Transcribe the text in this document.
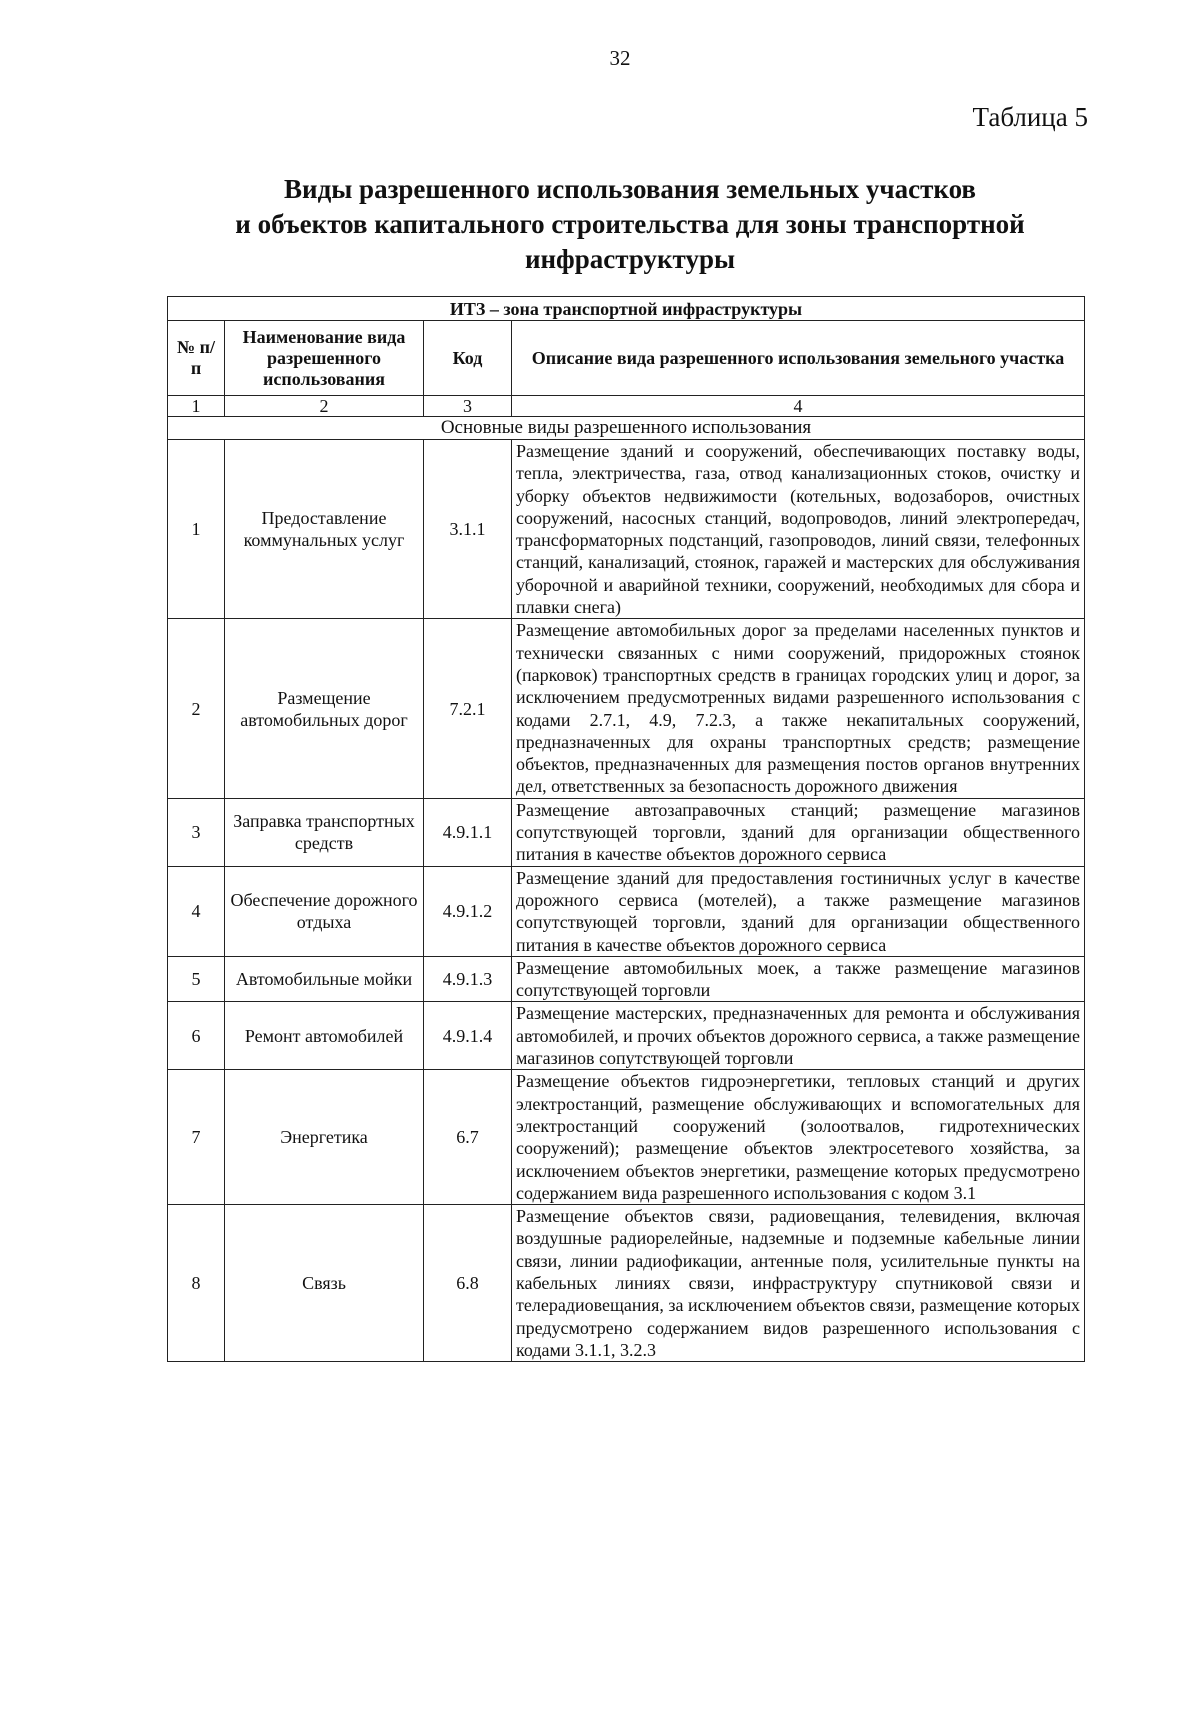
32
Таблица 5
Виды разрешенного использования земельных участков
и объектов капитального строительства для зоны транспортной
инфраструктуры
ИТЗ – зона транспортной инфраструктуры			
№ п/п	Наименование вида разрешенного использования	Код	Описание вида разрешенного использования земельного участка
1	2	3	4
Основные виды разрешенного использования			
1	Предоставление коммунальных услуг	3.1.1	Размещение зданий и сооружений, обеспечивающих поставку воды, тепла, электричества, газа, отвод канализационных стоков, очистку и уборку объектов недвижимости (котельных, водозаборов, очистных сооружений, насосных станций, водопроводов, линий электропередач, трансформаторных подстанций, газопроводов, линий связи, телефонных станций, канализаций, стоянок, гаражей и мастерских для обслуживания уборочной и аварийной техники, сооружений, необходимых для сбора и плавки снега)
2	Размещение автомобильных дорог	7.2.1	Размещение автомобильных дорог за пределами населенных пунктов и технически связанных с ними сооружений, придорожных стоянок (парковок) транспортных средств в границах городских улиц и дорог, за исключением предусмотренных видами разрешенного использования с кодами 2.7.1, 4.9, 7.2.3, а также некапитальных сооружений, предназначенных для охраны транспортных средств; размещение объектов, предназначенных для размещения постов органов внутренних дел, ответственных за безопасность дорожного движения
3	Заправка транспортных средств	4.9.1.1	Размещение автозаправочных станций; размещение магазинов сопутствующей торговли, зданий для организации общественного питания в качестве объектов дорожного сервиса
4	Обеспечение дорожного отдыха	4.9.1.2	Размещение зданий для предоставления гостиничных услуг в качестве дорожного сервиса (мотелей), а также размещение магазинов сопутствующей торговли, зданий для организации общественного питания в качестве объектов дорожного сервиса
5	Автомобильные мойки	4.9.1.3	Размещение автомобильных моек, а также размещение магазинов сопутствующей торговли
6	Ремонт автомобилей	4.9.1.4	Размещение мастерских, предназначенных для ремонта и обслуживания автомобилей, и прочих объектов дорожного сервиса, а также размещение магазинов сопутствующей торговли
7	Энергетика	6.7	Размещение объектов гидроэнергетики, тепловых станций и других электростанций, размещение обслуживающих и вспомогательных для электростанций сооружений (золоотвалов, гидротехнических сооружений); размещение объектов электросетевого хозяйства, за исключением объектов энергетики, размещение которых предусмотрено содержанием вида разрешенного использования с кодом 3.1
8	Связь	6.8	Размещение объектов связи, радиовещания, телевидения, включая воздушные радиорелейные, надземные и подземные кабельные линии связи, линии радиофикации, антенные поля, усилительные пункты на кабельных линиях связи, инфраструктуру спутниковой связи и телерадиовещания, за исключением объектов связи, размещение которых предусмотрено содержанием видов разрешенного использования с кодами 3.1.1, 3.2.3
